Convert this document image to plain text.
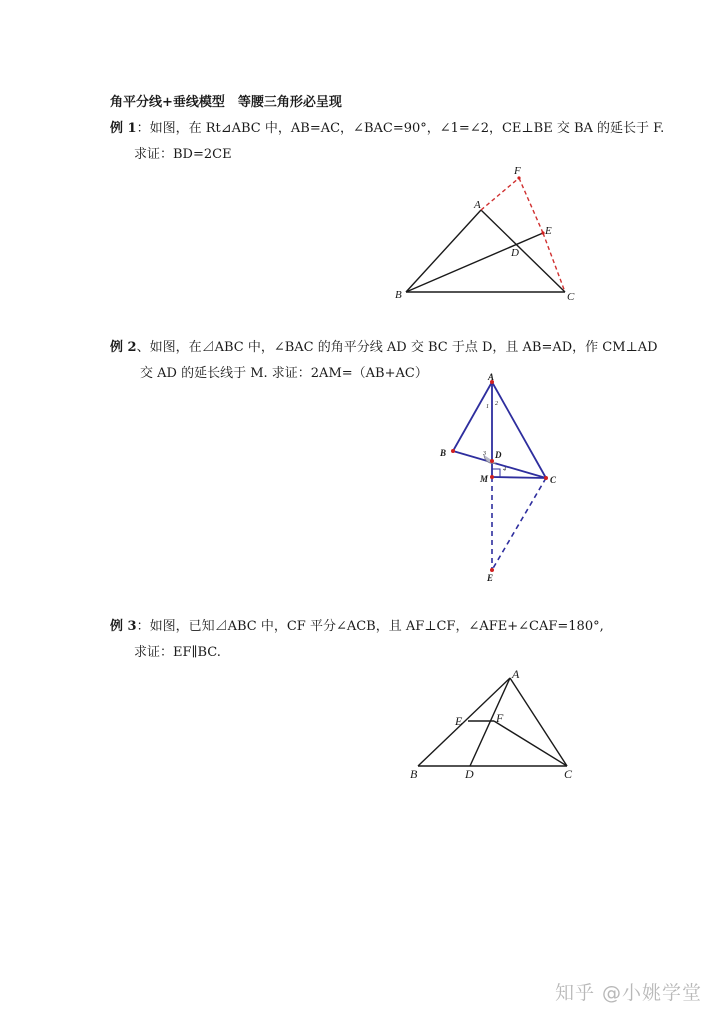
角平分线+垂线模型　等腰三角形必呈现
例 1：如图，在 Rt⊿ABC 中，AB=AC，∠BAC=90°，∠1=∠2，CE⊥BE 交 BA 的延长于 F.
求证：BD=2CE
F
A
E
D
B	C
例 2、如图，在⊿ABC 中，∠BAC 的角平分线 AD 交 BC 于点 D，且 AB=AD，作 CM⊥AD
交 AD 的延长线于 M. 求证：2AM=（AB+AC）	A
B	D
M	C
E
1 2
3
4
例 3：如图，已知⊿ABC 中，CF 平分∠ACB，且 AF⊥CF，∠AFE+∠CAF=180°,
求证：EF∥BC.
A
E	F
B	D	C
知乎 @小姚学堂
